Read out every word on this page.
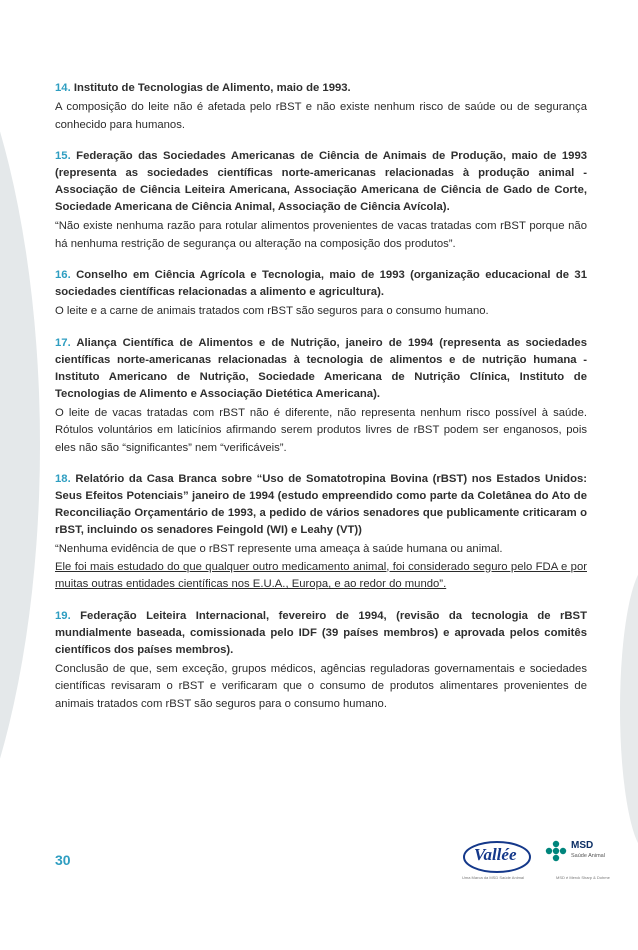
14. Instituto de Tecnologias de Alimento, maio de 1993.

A composição do leite não é afetada pelo rBST e não existe nenhum risco de saúde ou de segurança conhecido para humanos.

15. Federação das Sociedades Americanas de Ciência de Animais de Produção, maio de 1993 (representa as sociedades científicas norte-americanas relacionadas à produção animal - Associação de Ciência Leiteira Americana, Associação Americana de Ciência de Gado de Corte, Sociedade Americana de Ciência Animal, Associação de Ciência Avícola).

“Não existe nenhuma razão para rotular alimentos provenientes de vacas tratadas com rBST porque não há nenhuma restrição de segurança ou alteração na composição dos produtos”.

16. Conselho em Ciência Agrícola e Tecnologia, maio de 1993 (organização educacional de 31 sociedades científicas relacionadas a alimento e agricultura).

O leite e a carne de animais tratados com rBST são seguros para o consumo humano.

17. Aliança Científica de Alimentos e de Nutrição, janeiro de 1994 (representa as sociedades científicas norte-americanas relacionadas à tecnologia de alimentos e de nutrição humana - Instituto Americano de Nutrição, Sociedade Americana de Nutrição Clínica, Instituto de Tecnologias de Alimento e Associação Dietética Americana).

O leite de vacas tratadas com rBST não é diferente, não representa nenhum risco possível à saúde. Rótulos voluntários em laticínios afirmando serem produtos livres de rBST podem ser enganosos, pois eles não são “significantes” nem “verificáveis”.

18. Relatório da Casa Branca sobre “Uso de Somatotropina Bovina (rBST) nos Estados Unidos: Seus Efeitos Potenciais” janeiro de 1994 (estudo empreendido como parte da Coletânea do Ato de Reconciliação Orçamentário de 1993, a pedido de vários senadores que publicamente criticaram o rBST, incluindo os senadores Feingold (WI) e Leahy (VT))

“Nenhuma evidência de que o rBST represente uma ameaça à saúde humana ou animal.
Ele foi mais estudado do que qualquer outro medicamento animal, foi considerado seguro pelo FDA e por muitas outras entidades científicas nos E.U.A., Europa, e ao redor do mundo”.

19. Federação Leiteira Internacional, fevereiro de 1994, (revisão da tecnologia de rBST mundialmente baseada, comissionada pelo IDF (39 países membros) e aprovada pelos comitês científicos dos países membros).

Conclusão de que, sem exceção, grupos médicos, agências reguladoras governamentais e sociedades científicas revisaram o rBST e verificaram que o consumo de produtos alimentares provenientes de animais tratados com rBST são seguros para o consumo humano.

30	Vallée
Uma Marca da MSD Saúde Animal
MSD
Saúde Animal
MSD é Merck Sharp & Dohme
